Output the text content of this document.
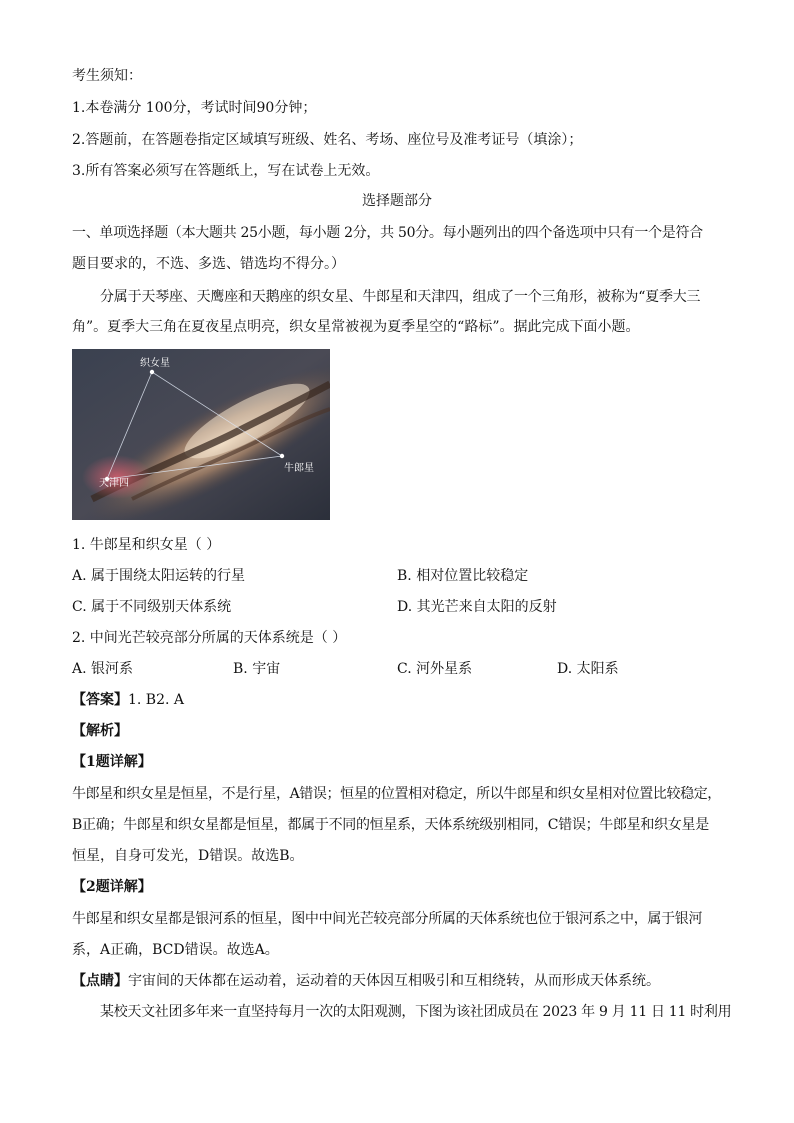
考生须知：
1.本卷满分 100分，考试时间90分钟；
2.答题前，在答题卷指定区域填写班级、姓名、考场、座位号及准考证号（填涂）；
3.所有答案必须写在答题纸上，写在试卷上无效。
选择题部分
一、单项选择题（本大题共 25小题，每小题 2分，共 50分。每小题列出的四个备选项中只有一个是符合
题目要求的，不选、多选、错选均不得分。）
分属于天琴座、天鹰座和天鹅座的织女星、牛郎星和天津四，组成了一个三角形，被称为“夏季大三
角”。夏季大三角在夏夜星点明亮，织女星常被视为夏季星空的“路标”。据此完成下面小题。
织女星
牛郎星
天津四
1. 牛郎星和织女星（ ）
A. 属于围绕太阳运转的行星	B. 相对位置比较稳定
C. 属于不同级别天体系统	D. 其光芒来自太阳的反射
2. 中间光芒较亮部分所属的天体系统是（ ）
A. 银河系	B. 宇宙	C. 河外星系	D. 太阳系
【答案】1. B2. A
【解析】
【1题详解】
牛郎星和织女星是恒星，不是行星，A错误；恒星的位置相对稳定，所以牛郎星和织女星相对位置比较稳定，
B正确；牛郎星和织女星都是恒星，都属于不同的恒星系，天体系统级别相同，C错误；牛郎星和织女星是
恒星，自身可发光，D错误。故选B。
【2题详解】
牛郎星和织女星都是银河系的恒星，图中中间光芒较亮部分所属的天体系统也位于银河系之中，属于银河
系，A正确，BCD错误。故选A。
【点睛】宇宙间的天体都在运动着，运动着的天体因互相吸引和互相绕转，从而形成天体系统。
某校天文社团多年来一直坚持每月一次的太阳观测，下图为该社团成员在 2023 年 9 月 11 日 11 时利用
